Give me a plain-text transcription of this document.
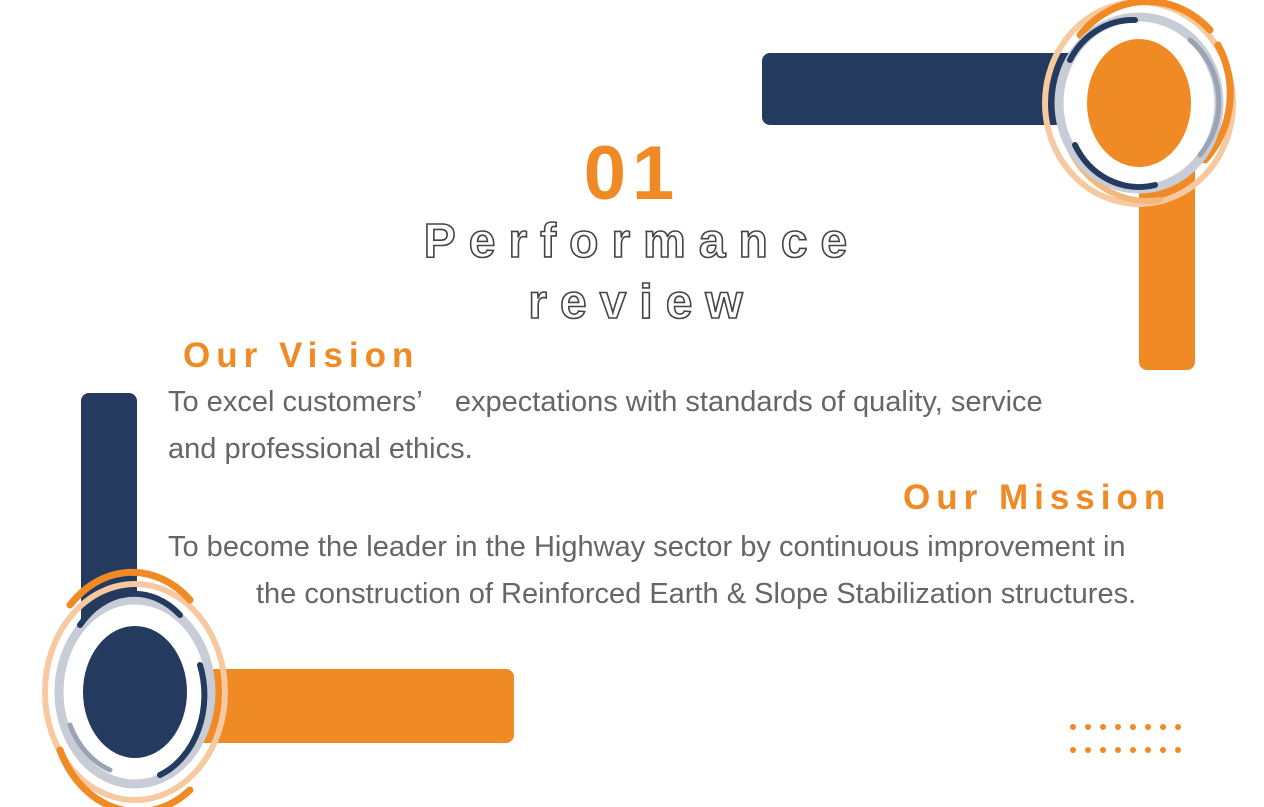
01
Performance
review
Our Vision
To excel customers’    expectations with standards of quality, service
and professional ethics.
Our Mission
To become the leader in the Highway sector by continuous improvement in
the construction of Reinforced Earth & Slope Stabilization structures.
